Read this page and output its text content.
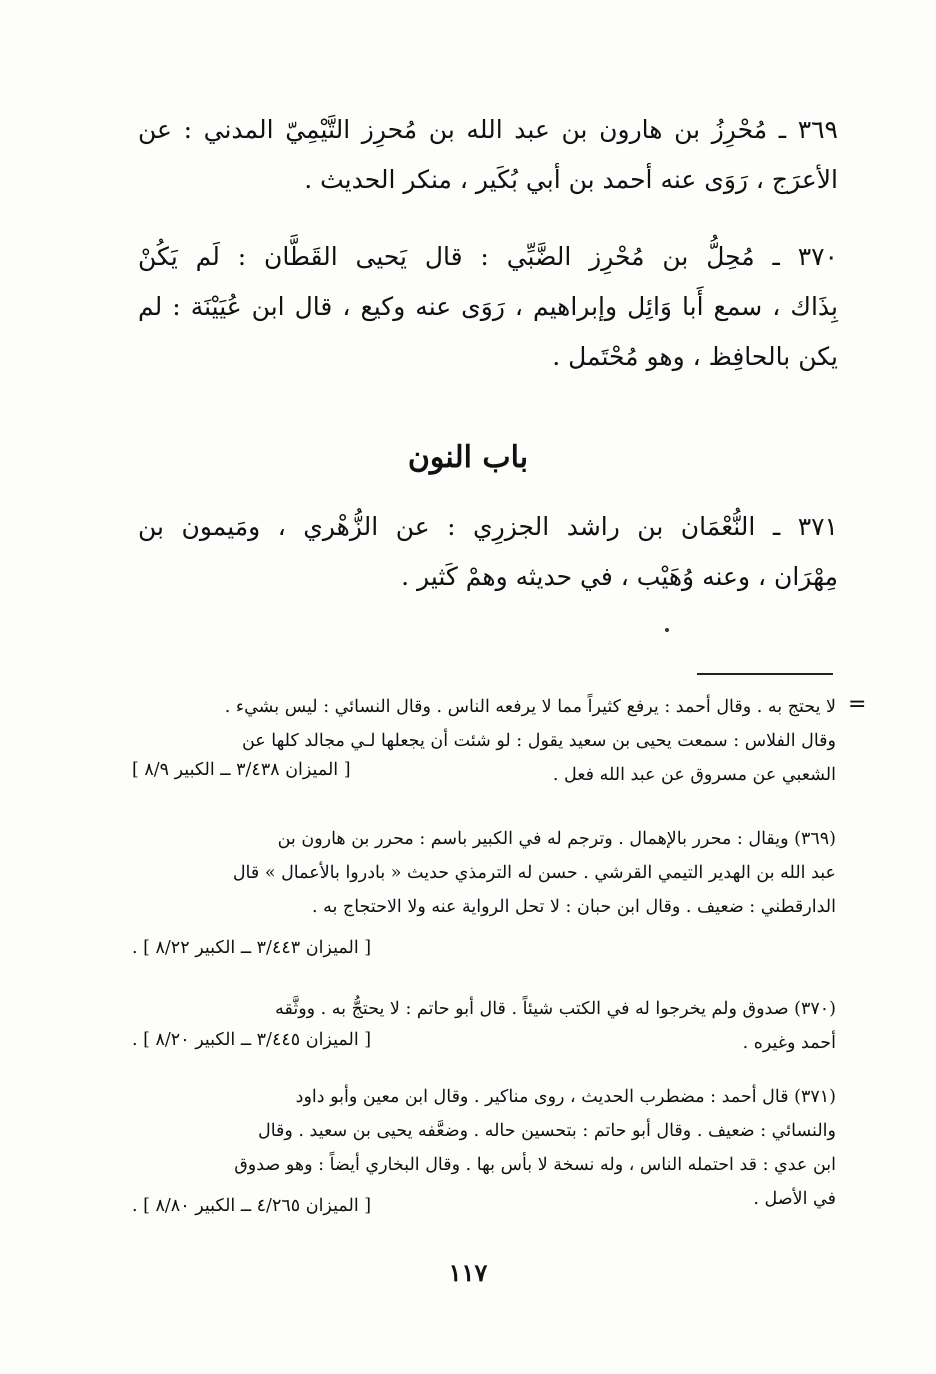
٣٦٩ ـ مُحْرِزُ بن هارون بن عبد الله بن مُحرِز التَّيْمِيّ المدني : عن
الأعرَج ، رَوَى عنه أحمد بن أبي بُكَير ، منكر الحديث .
٣٧٠ ـ مُحِلُّ بن مُحْرِز الضَّبِّي : قال يَحيى القَطَّان : لَم يَكُنْ
بِذَاك ، سمع أَبا وَائِل وإبراهيم ، رَوَى عنه وكيع ، قال ابن عُيَيْنَة : لم
يكن بالحافِظ ، وهو مُحْتَمل .
باب النون
٣٧١ ـ النُّعْمَان بن راشد الجزرِي : عن الزُّهْري ، ومَيمون بن
مِهْرَان ، وعنه وُهَيْب ، في حديثه وهمْ كَثير .
=
لا يحتج به . وقال أحمد : يرفع كثيراً مما لا يرفعه الناس . وقال النسائي : ليس بشيء .
وقال الفلاس : سمعت يحيى بن سعيد يقول : لو شئت أن يجعلها لـي مجالد كلها عن
الشعبي عن مسروق عن عبد الله فعل .
[ الميزان ٣/٤٣٨ ــ الكبير ٨/٩ ]
(٣٦٩) ويقال : محرر بالإهمال . وترجم له في الكبير باسم : محرر بن هارون بن
عبد الله بن الهدير التيمي القرشي . حسن له الترمذي حديث « بادروا بالأعمال » قال
الدارقطني : ضعيف . وقال ابن حبان : لا تحل الرواية عنه ولا الاحتجاج به .
[ الميزان ٣/٤٤٣ ــ الكبير ٨/٢٢ ] .
(٣٧٠) صدوق ولم يخرجوا له في الكتب شيئاً . قال أبو حاتم : لا يحتجُّ به . ووثَّقه
أحمد وغيره .
[ الميزان ٣/٤٤٥ ــ الكبير ٨/٢٠ ] .
(٣٧١) قال أحمد : مضطرب الحديث ، روى مناكير . وقال ابن معين وأبو داود
والنسائي : ضعيف . وقال أبو حاتم : بتحسين حاله . وضعَّفه يحيى بن سعيد . وقال
ابن عدي : قد احتمله الناس ، وله نسخة لا بأس بها . وقال البخاري أيضاً : وهو صدوق
في الأصل .
[ الميزان ٤/٢٦٥ ــ الكبير ٨/٨٠ ] .
١١٧
